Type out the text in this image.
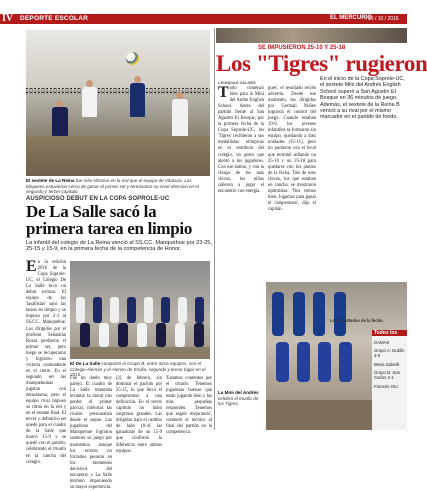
IV DEPORTE ESCOLAR	EL MERCURIO
15 / 10 / 2016
El sextete de La Reina fue más efectivo en la red que el equipo de Vitacura. Las bloqueos estuvieron cerca de ganar el primer set y terminaron su nivel ofensivo en el segundo y tercer capítulo.
AUSPICIOSO DEBUT EN LA COPA SOPROLE-UC
De La Salle sacó la
primera tarea en limpio
La infantil del colegio de La Reina venció al SS.CC. Manquehue por 23-25, 25-15 y 15-9, en la primera fecha de la competencia de Honor.
En la edición 2016 de la Copa Soprole-UC, el Colegio De La Salle tuvo un debut exitoso. El equipo de los 'lasallistas' sacó las tareas en limpio y se impuso por 2-1 al SS.CC. Manquehue. Los dirigidos por el profesor Sebastián Rozas perdieron el primer set, pero luego se recuperaron y lograron una victoria contundente en el cierre. En el segundo set las manquehuinas jugaron con entusiasmo, pero el equipo rival impuso su ritmo en la red y en el remate final. El tercer y definitivo set quedó para el cuadro de la Salle que marcó 15-9 y se quedó con el partido, celebrando el triunfo en la cancha del colegio.
El De La Salle conquistó el Grupo B, entre otros equipos, con el Colegio Alemán y el Alonso de Ercilla, segundo y tercer lugar en el 2015.
Fue un duelo muy parejo. El cuadro de La Salle intentaba levantar la moral tras perder el primer parcial, mientras las rivales presionaban desde el saque. Las jugadoras del Manquehue lograron sostener su juego por momentos, aunque los errores no forzados pesaron en los momentos decisivos del encuentro y La Salle terminó imponiendo su mayor experiencia.
[2] de febrero, sin dominar el partido por 25-15, lo que llevó el compromiso a una definición. En el tercer capítulo no hubo sorpresas grandes. Las dirigidas bajo el cambio de lado (8-4) las ganadoras de un 15-9 que confirmó la diferencia entre ambos equipos.
'Estamos contentos por el triunfo. Tenemos jugadoras buenas que están jugando bien y las más pequeñas responden. Tenemos que seguir mejorando', comentó el técnico al final del partido en la competencia.
SE IMPUSIERON 25-10 Y 25-18
Los "Tigres" rugieron
LEONIDAS VALDÉS
Todo comenzó bien para la Mini del Andre English School. Antes del partido frente al San Agustín El Bosque, por la primera fecha de la Copa Soprole-UC, los 'Tigres' recibieron a sus medallistas olímpicas en el vestíbulo del colegio, un gesto que alentó a los jugadores. Con ese ánimo, y con la chispa de los más chicos, los niños salieron a jugar el encuentro con energía.
gues', el resultado recién advertía. Desde ese momento, los dirigidos por Germán Nuñez lograron el control del juego. Cuando estaban 19-9, los jóvenes infantiles se formaron sin equipo, quedando a diez unidades (15-11), pero no pudieron con el local que terminó sellando un 25-10 y un 25-18 para quedarse con los puntos de la fecha. Tres de esos chicos, los que estaban en cancha, se mostraron optimistas. 'Nos vemos bien. Jugamos para ganar el campeonato', dijo el capitán.
En el inicio de la Copa Soprole-UC, el sextete Mini del Andrés English School superó a San Agustín El Bosque en 36 minutos de juego. Además, el sextete de la Reina B venció a su rival por el mismo marcador en el partido de fondo.
La Mini del Andrés celebró el triunfo de los Tigres.
Todos los
DAMAS
Grupo A: Dublín 3-0
Mesa Salvelli
Grupo B: San Carlos 2-1
Francés Oto
Los resultados de la fecha
